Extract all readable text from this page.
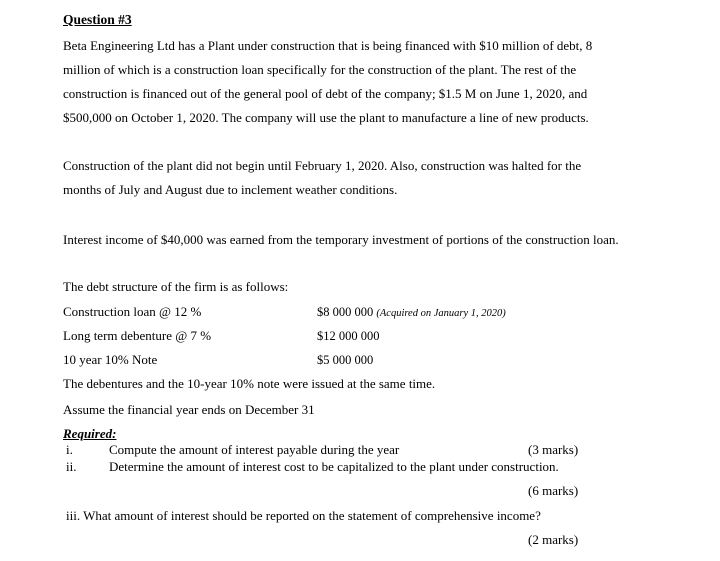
Question #3
Beta Engineering Ltd has a Plant under construction that is being financed with $10 million of debt, 8
million of which is a construction loan specifically for the construction of the plant. The rest of the
construction is financed out of the general pool of debt of the company; $1.5 M on June 1, 2020, and
$500,000 on October 1, 2020. The company will use the plant to manufacture a line of new products.
Construction of the plant did not begin until February 1, 2020. Also, construction was halted for the
months of July and August due to inclement weather conditions.
Interest income of $40,000 was earned from the temporary investment of portions of the construction loan.
The debt structure of the firm is as follows:
Construction loan @ 12 %	$8 000 000 (Acquired on January 1, 2020)
Long term debenture @ 7 %	$12 000 000
10 year 10% Note	$5 000 000
The debentures and the 10-year 10% note were issued at the same time.
Assume the financial year ends on December 31
Required:
i.	Compute the amount of interest payable during the year	(3 marks)
ii.	Determine the amount of interest cost to be capitalized to the plant under construction.
(6 marks)
iii. What amount of interest should be reported on the statement of comprehensive income?
(2 marks)
